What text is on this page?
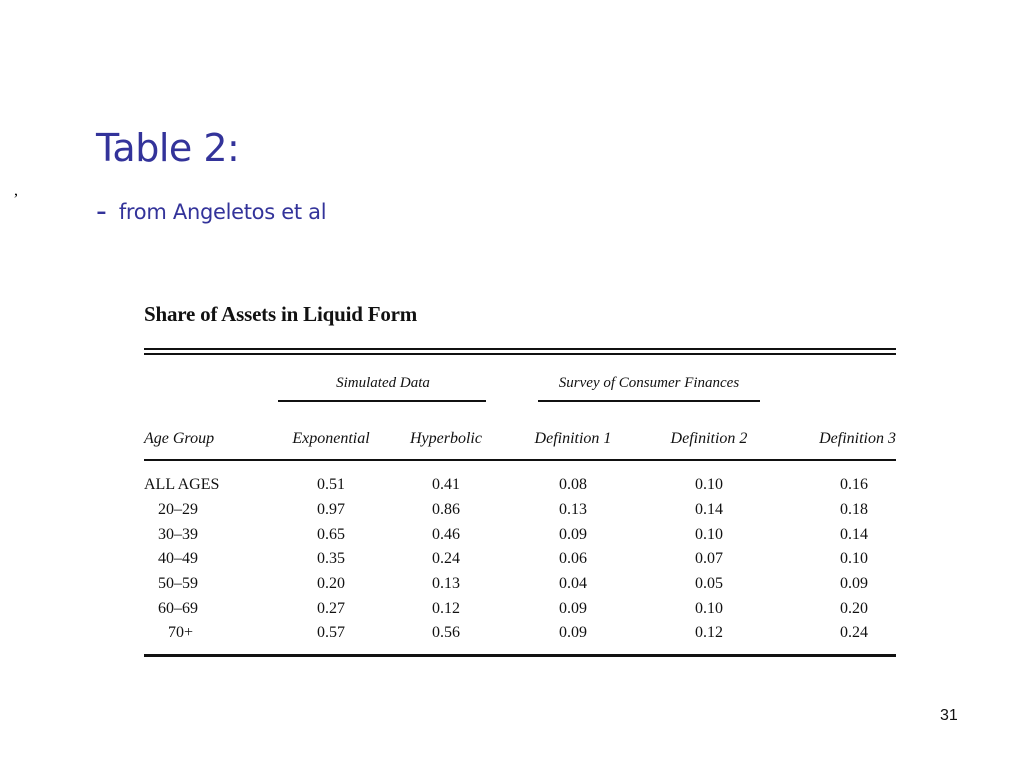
,
Table 2:
- from Angeletos et al
Share of Assets in Liquid Form
Simulated Data	Survey of Consumer Finances
Age Group	Exponential	Hyperbolic	Definition 1	Definition 2	Definition 3

ALL AGES	0.51	0.41	0.08	0.10	0.16
20–29	0.97	0.86	0.13	0.14	0.18
30–39	0.65	0.46	0.09	0.10	0.14
40–49	0.35	0.24	0.06	0.07	0.10
50–59	0.20	0.13	0.04	0.05	0.09
60–69	0.27	0.12	0.09	0.10	0.20
70+	0.57	0.56	0.09	0.12	0.24
31
